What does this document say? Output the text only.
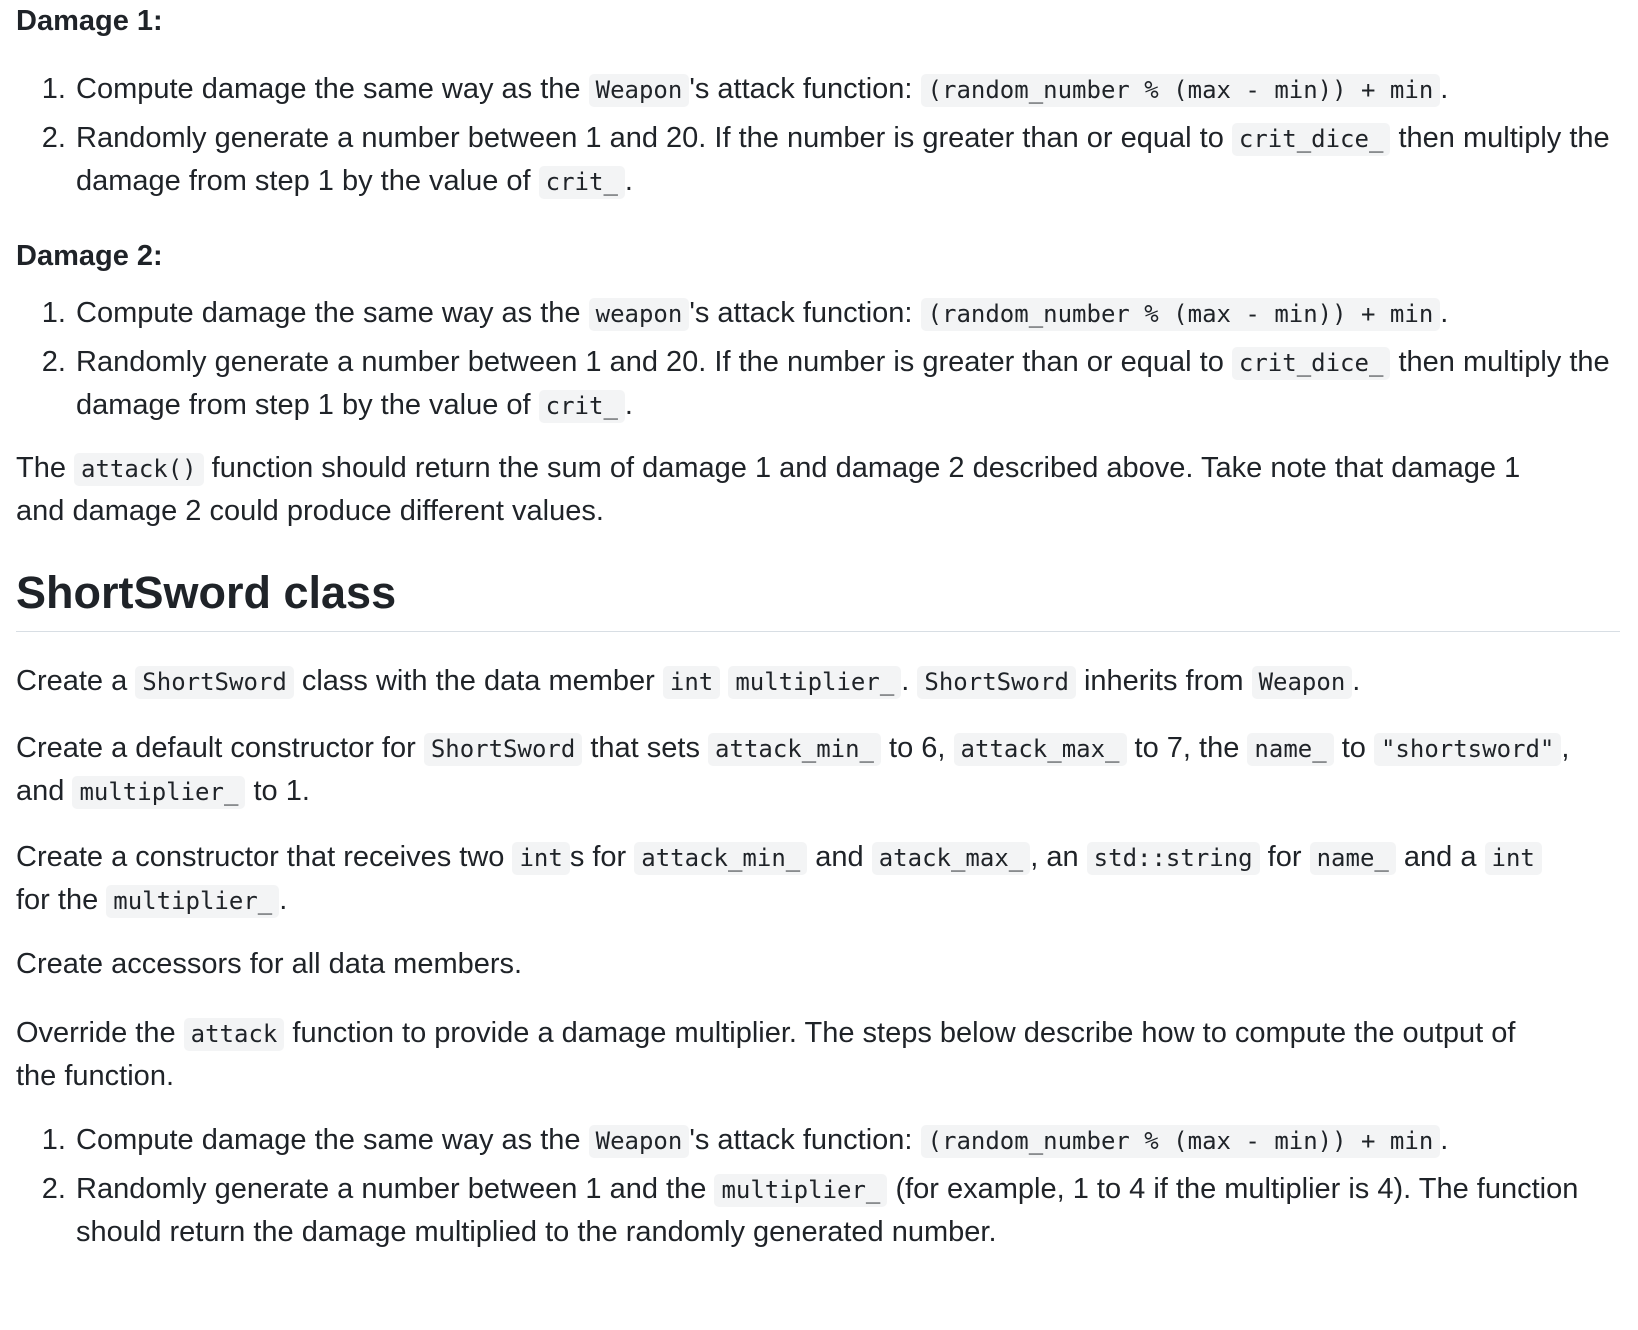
Damage 1:

1. Compute damage the same way as the Weapon 's attack function: (random_number % (max - min)) + min .
2. Randomly generate a number between 1 and 20. If the number is greater than or equal to crit_dice_ then multiply the damage from step 1 by the value of crit_ .

Damage 2:

1. Compute damage the same way as the weapon 's attack function: (random_number % (max - min)) + min .
2. Randomly generate a number between 1 and 20. If the number is greater than or equal to crit_dice_ then multiply the damage from step 1 by the value of crit_ .

The attack() function should return the sum of damage 1 and damage 2 described above. Take note that damage 1 and damage 2 could produce different values.

ShortSword class

Create a ShortSword class with the data member int multiplier_ . ShortSword inherits from Weapon .

Create a default constructor for ShortSword that sets attack_min_ to 6, attack_max_ to 7, the name_ to "shortsword" , and multiplier_ to 1.

Create a constructor that receives two int s for attack_min_ and atack_max_ , an std::string for name_ and a int for the multiplier_ .

Create accessors for all data members.

Override the attack function to provide a damage multiplier. The steps below describe how to compute the output of the function.

1. Compute damage the same way as the Weapon 's attack function: (random_number % (max - min)) + min .
2. Randomly generate a number between 1 and the multiplier_ (for example, 1 to 4 if the multiplier is 4). The function should return the damage multiplied to the randomly generated number.
